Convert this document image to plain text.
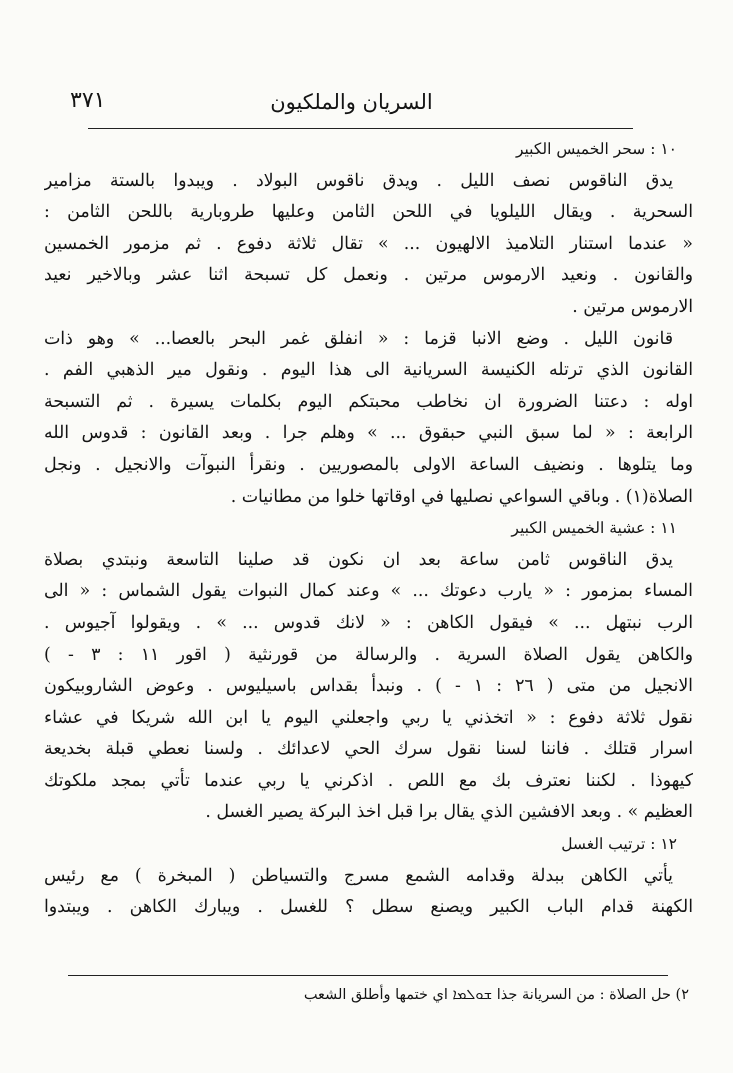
السريان والملكيون
٣٧١

١٠ : سحر الخميس الكبير

يدق الناقوس نصف الليل . ويدق ناقوس البولاد . ويبدوا بالستة مزامير

السحرية . ويقال الليلويا في اللحن الثامن وعليها طروبارية باللحن الثامن :

« عندما استنار التلاميذ الالهيون ... » تقال ثلاثة دفوع . ثم مزمور الخمسين

والقانون . ونعيد الارموس مرتين . ونعمل كل تسبحة اثنا عشر وبالاخير نعيد

الارموس مرتين .

قانون الليل . وضع الانبا قزما : « انفلق غمر البحر بالعصا... » وهو ذات

القانون الذي ترتله الكنيسة السريانية الى هذا اليوم . ونقول مير الذهبي الفم .

اوله : دعتنا الضرورة ان نخاطب محبتكم اليوم بكلمات يسيرة . ثم التسبحة

الرابعة : « لما سبق النبي حبقوق ... » وهلم جرا . وبعد القانون : قدوس الله

وما يتلوها . ونضيف الساعة الاولى بالمصوريين . ونقرأ النبوآت والانجيل . ونجل

الصلاة(١) . وباقي السواعي نصليها في اوقاتها خلوا من مطانيات .

١١ : عشية الخميس الكبير

يدق الناقوس ثامن ساعة بعد ان نكون قد صلينا التاسعة ونبتدي بصلاة

المساء بمزمور : « يارب دعوتك ... » وعند كمال النبوات يقول الشماس : « الى

الرب نبتهل ... » فيقول الكاهن : « لانك قدوس ... » . ويقولوا آجيوس .

والكاهن يقول الصلاة السرية . والرسالة من قورنثية ( اقور ١١ : ٣ - )

الانجيل من متى ( ٢٦ : ١ - ) . ونبدأ بقداس باسيليوس . وعوض الشاروبيكون

نقول ثلاثة دفوع : « اتخذني يا ربي واجعلني اليوم يا ابن الله شريكا في عشاء

اسرار قتلك . فاننا لسنا نقول سرك الحي لاعدائك . ولسنا نعطي قبلة بخديعة

كيهوذا . لكننا نعترف بك مع اللص . اذكرني يا ربي عندما تأتي بمجد ملكوتك

العظيم » . وبعد الافشين الذي يقال برا قبل اخذ البركة يصير الغسل .

١٢ : ترتيب الغسل

يأتي الكاهن ببدلة وقدامه الشمع مسرج والتسياطن ( المبخرة ) مع رئيس

الكهنة قدام الباب الكبير ويصنع سطل ؟ للغسل . ويبارك الكاهن . ويبتدوا

٢) حل الصلاة : من السريانة جذا ܫܘܠܡܐ اي ختمها وأطلق الشعب
